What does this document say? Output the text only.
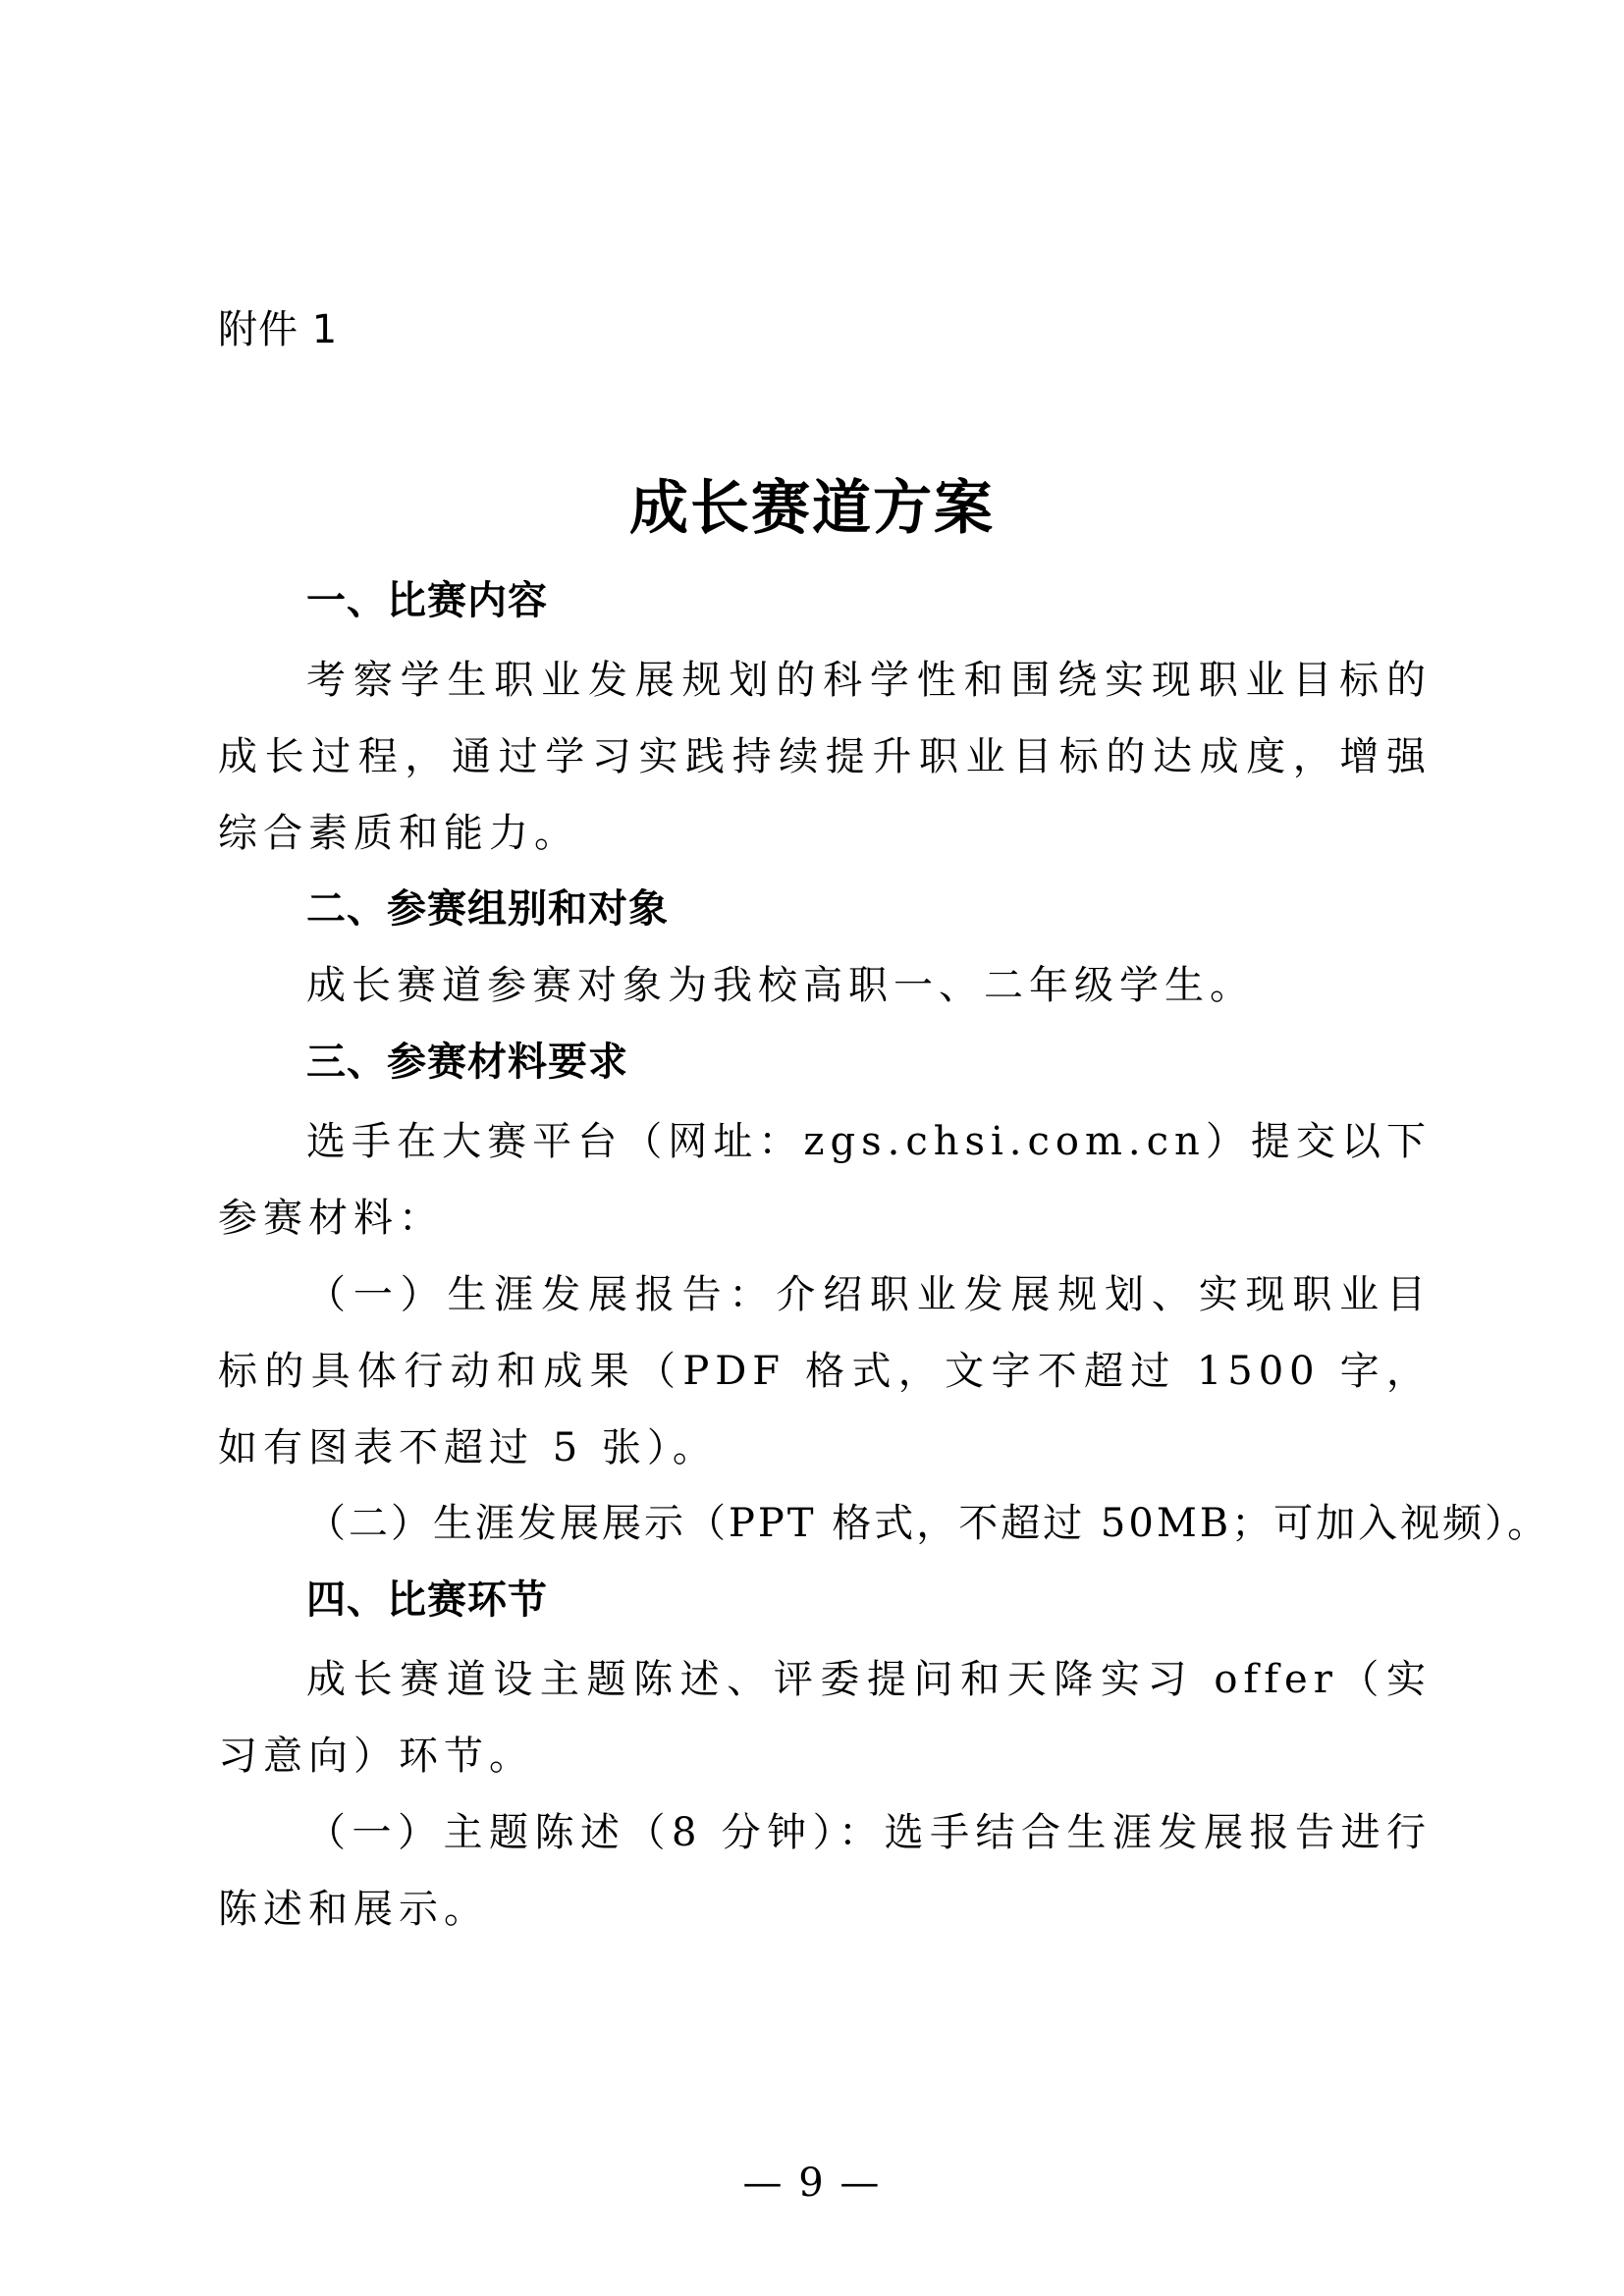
附件 1
成长赛道方案
一、比赛内容
考察学生职业发展规划的科学性和围绕实现职业目标的成长过程，通过学习实践持续提升职业目标的达成度，增强综合素质和能力。
二、参赛组别和对象
成长赛道参赛对象为我校高职一、二年级学生。
三、参赛材料要求
选手在大赛平台（网址：zgs.chsi.com.cn）提交以下参赛材料：
（一）生涯发展报告：介绍职业发展规划、实现职业目标的具体行动和成果（PDF 格式，文字不超过 1500 字，如有图表不超过 5 张）。
（二）生涯发展展示（PPT 格式，不超过 50MB；可加入视频）。
四、比赛环节
成长赛道设主题陈述、评委提问和天降实习 offer（实习意向）环节。
（一）主题陈述（8 分钟）：选手结合生涯发展报告进行陈述和展示。
— 9 —
